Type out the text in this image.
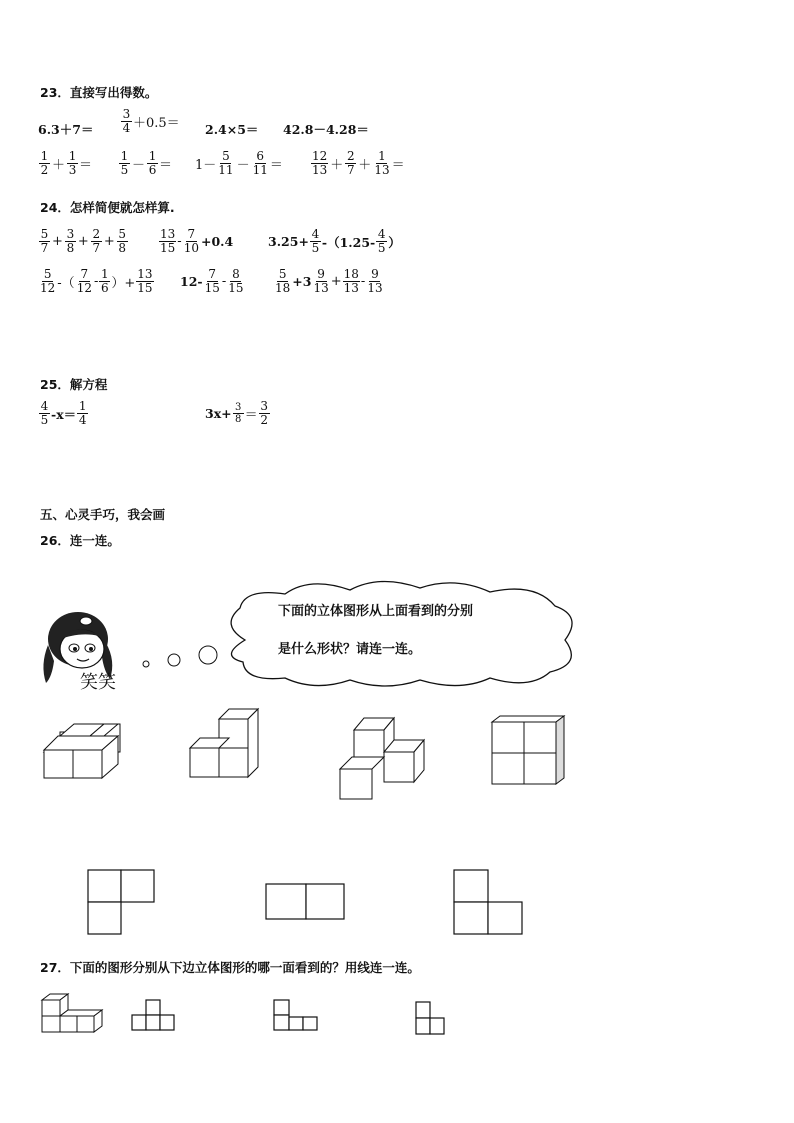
23．直接写出得数。
$6.3+7= \frac{3}{4} +0.5= 2.4\times 5= 42.8-4.28=$
$\frac{1}{2} + \frac{1}{3} = \frac{1}{5} - \frac{1}{6} = 1- \frac{5}{11} - \frac{6}{11} = \frac{12}{13} + \frac{2}{7} + \frac{1}{13}$ ＝
24．怎样简便就怎样算.
$\frac{5}{7} + \frac{3}{8} + \frac{2}{7} + \frac{5}{8}$	$\frac{13}{15} - \frac{7}{10} +0.4$	$3.25+ \frac{4}{5} -(1.25- \frac{4}{5}$ ）
$\frac{5}{12}$ -（ $\frac{7}{12} - \frac{1}{6}$ ）+ $\frac{13}{15} 12- \frac{7}{15} - \frac{8}{15} \frac{5}{18} +3 \frac{9}{13} + \frac{18}{13} - \frac{9}{13}$
25．解方程
$\frac{4}{5} -x= \frac{1}{4}$	$3x+ \frac{3}{8} = \frac{3}{2}$
五、心灵手巧，我会画
26．连一连。
笑笑
下面的立体图形从上面看到的分别
是什么形状？请连一连。
27．下面的图形分别从下边立体图形的哪一面看到的？用线连一连。
